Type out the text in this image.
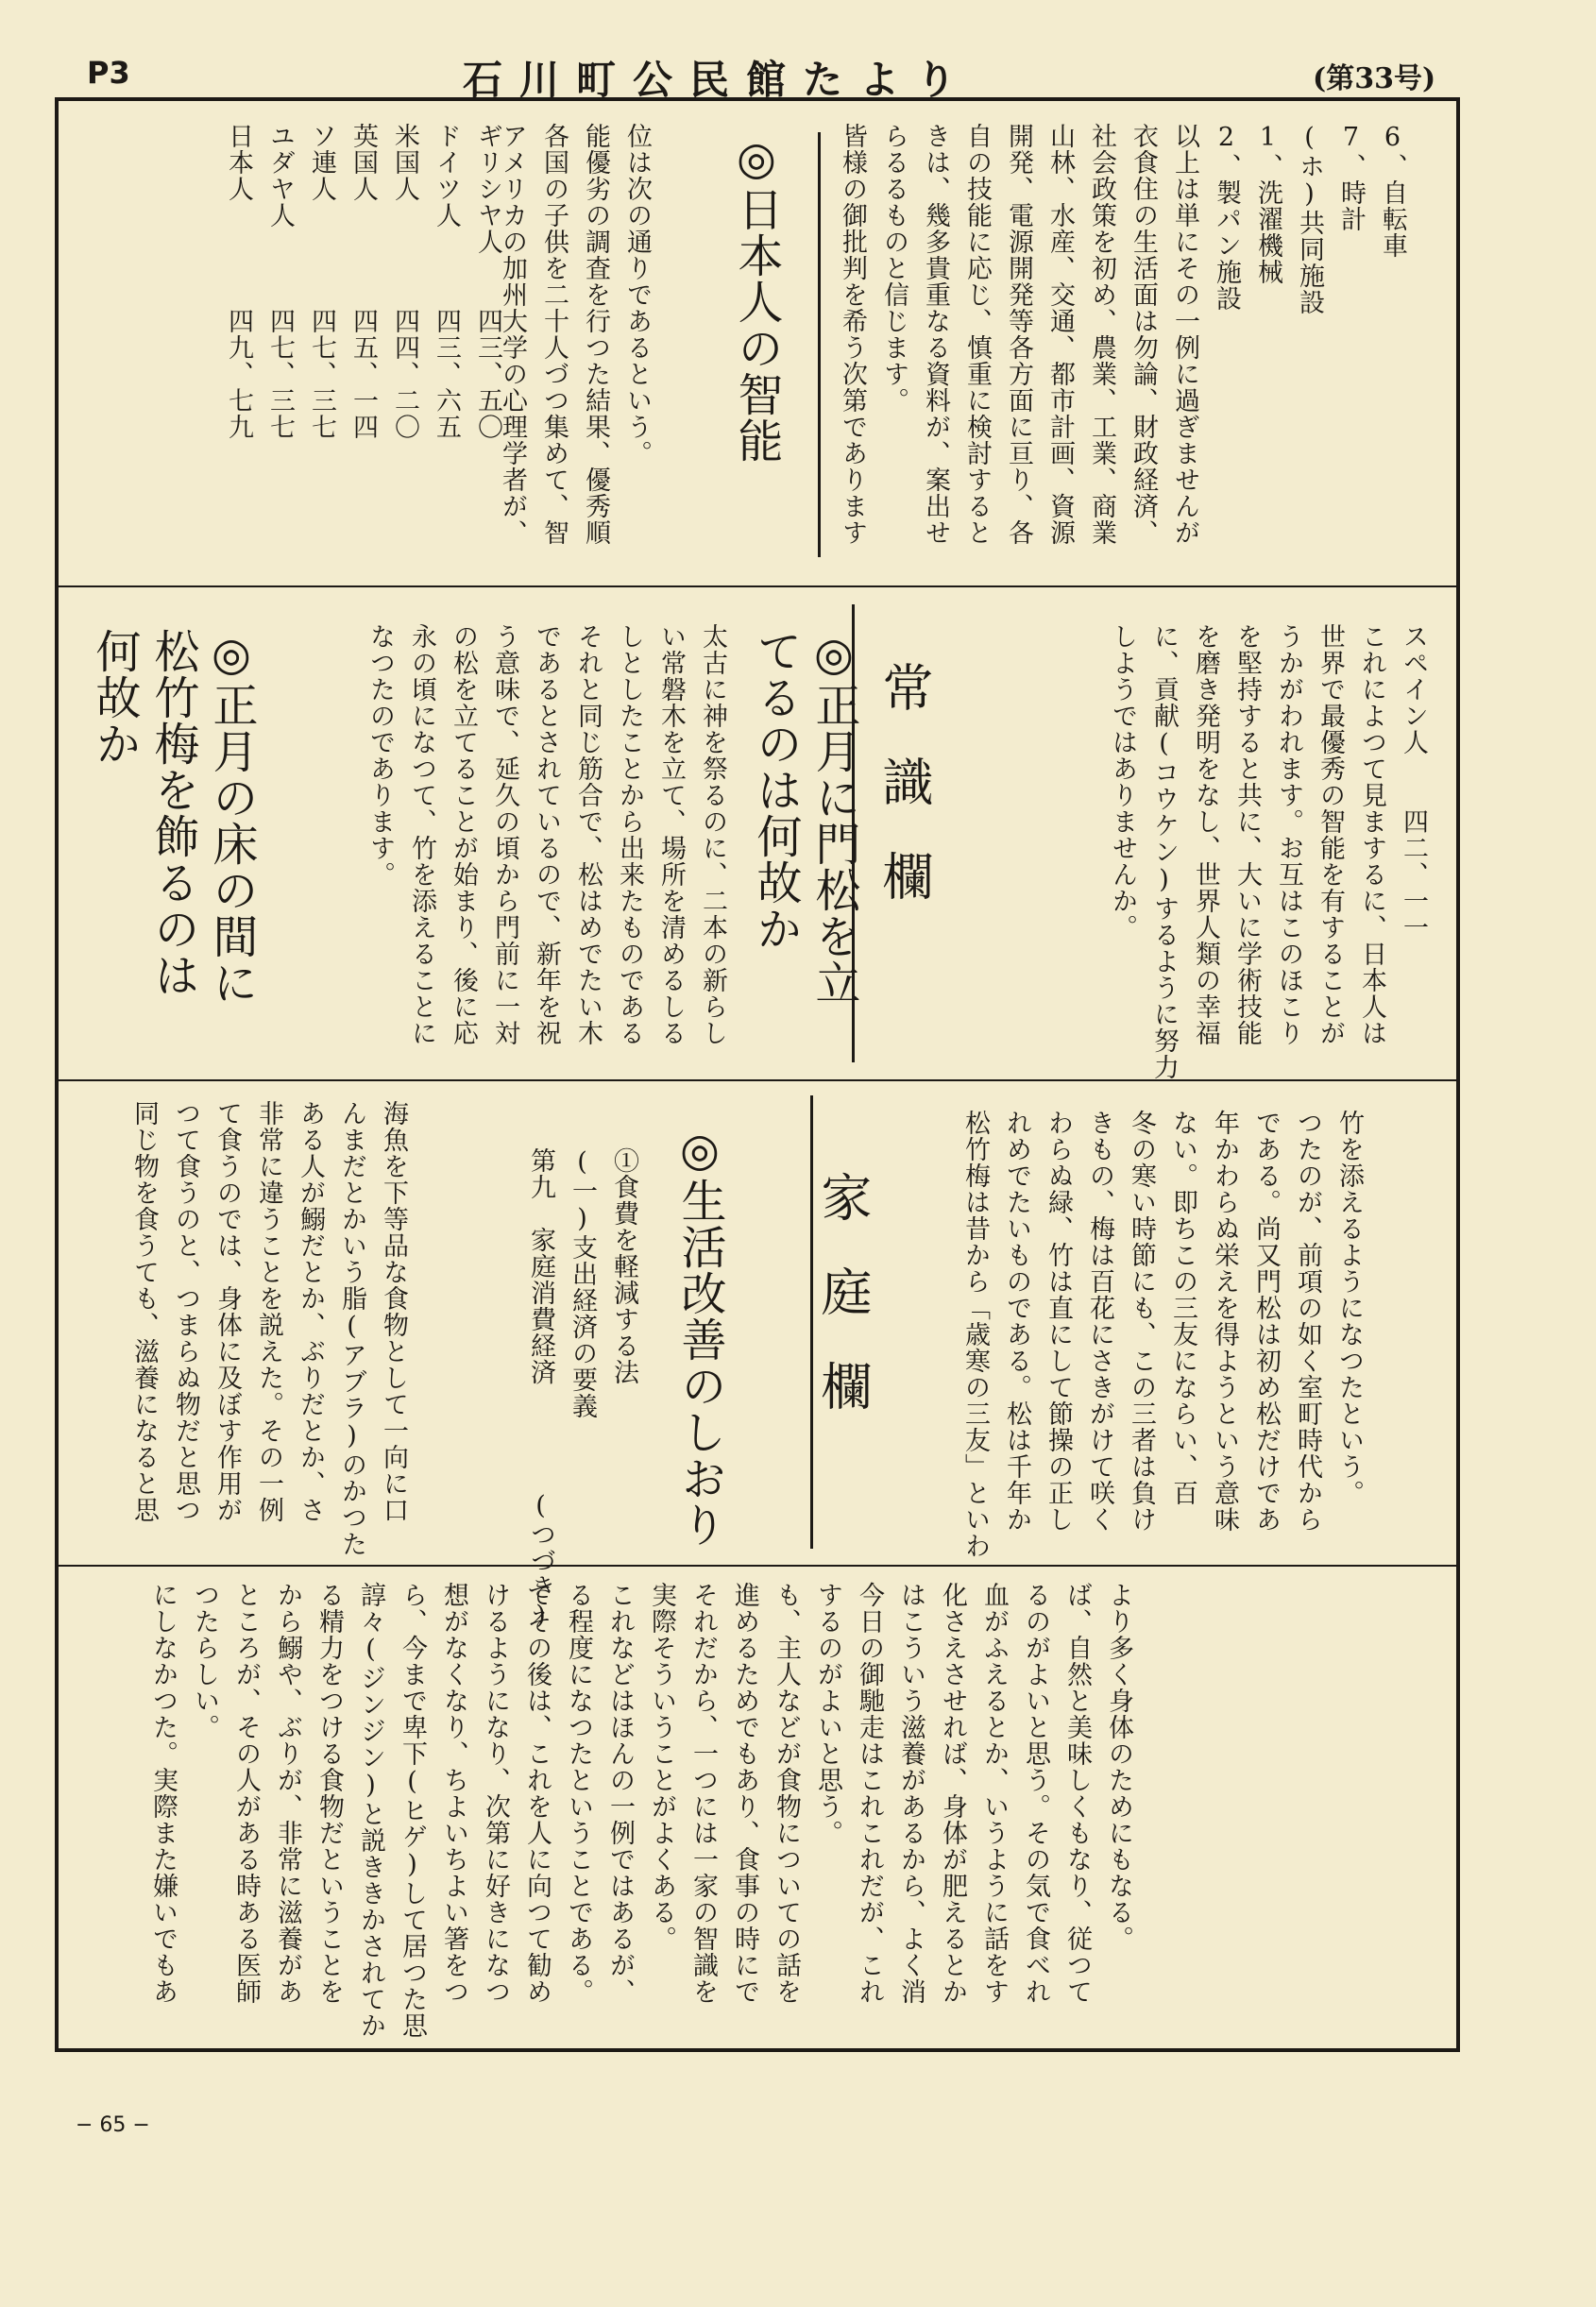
P3	石川町公民館たより	(第33号)
6、自転車
7、時計
(ホ)共同施設
1、洗濯機械
2、製パン施設
以上は単にその一例に過ぎませんが
衣食住の生活面は勿論、財政経済、
社会政策を初め、農業、工業、商業
山林、水産、交通、都市計画、資源
開発、電源開発等各方面に亘り、各
自の技能に応じ、慎重に検討すると
きは、幾多貴重なる資料が、案出せ
らるるものと信じます。
皆様の御批判を希う次第であります
ギリシヤ人　　四三、五〇
ドイツ人　　　四三、六五
米国人　　　　四四、二〇
英国人　　　　四五、一四
ソ連人　　　　四七、三七
ユダヤ人　　　四七、三七
日本人　　　　四九、七九	位は次の通りであるという。
能優劣の調査を行つた結果、優秀順
各国の子供を二十人づつ集めて、智
アメリカの加州大学の心理学者が、	◎日本人の智能
スペイン人　　四二、一一
これによつて見まするに、日本人は
世界で最優秀の智能を有することが
うかがわれます。お互はこのほこり
を堅持すると共に、大いに学術技能
を磨き発明をなし、世界人類の幸福
に、貢献(コウケン)するように努力
しようではありませんか。
常識欄
◎正月に門松を立てるのは何故か
太古に神を祭るのに、二本の新らし
い常磐木を立て、場所を清めるしる
しとしたことから出来たものである
それと同じ筋合で、松はめでたい木
であるとされているので、新年を祝
う意味で、延久の頃から門前に一対
の松を立てることが始まり、後に応
永の頃になつて、竹を添えることに
なつたのであります。
◎正月の床の間に松竹梅を飾るのは何故か
竹を添えるようになつたという。
つたのが、前項の如く室町時代から
である。尚又門松は初め松だけであ
年かわらぬ栄えを得ようという意味
ない。即ちこの三友にならい、百
冬の寒い時節にも、この三者は負け
きもの、梅は百花にさきがけて咲く
わらぬ緑、竹は直にして節操の正し
れめでたいものである。松は千年か
松竹梅は昔から「歳寒の三友」といわ
家庭欄
◎生活改善のしおり
①食費を軽減する法
(一)支出経済の要義
第九　家庭消費経済　　　　(つづき)
海魚を下等品な食物として一向に口
んまだとかいう脂(アブラ)のかつた
ある人が鰯だとか、ぶりだとか、さ
非常に違うことを説えた。その一例
て食うのでは、身体に及ぼす作用が
つて食うのと、つまらぬ物だと思つ
同じ物を食うても、滋養になると思
より多く身体のためにもなる。
ば、自然と美味しくもなり、従つて
るのがよいと思う。その気で食べれ
血がふえるとか、いうように話をす
化さえさせれば、身体が肥えるとか
はこういう滋養があるから、よく消
今日の御馳走はこれこれだが、これ
するのがよいと思う。
も、主人などが食物についての話を
進めるためでもあり、食事の時にで
それだから、一つには一家の智識を
実際そういうことがよくある。
これなどはほんの一例ではあるが、
る程度になつたということである。
てその後は、これを人に向つて勧め
けるようになり、次第に好きになつ
想がなくなり、ちよいちよい箸をつ
ら、今まで卑下(ヒゲ)して居つた思
諄々(ジンジン)と説ききかされてか
る精力をつける食物だということを
から鰯や、ぶりが、非常に滋養があ
ところが、その人がある時ある医師
つたらしい。
にしなかつた。実際また嫌いでもあ
− 65 −
